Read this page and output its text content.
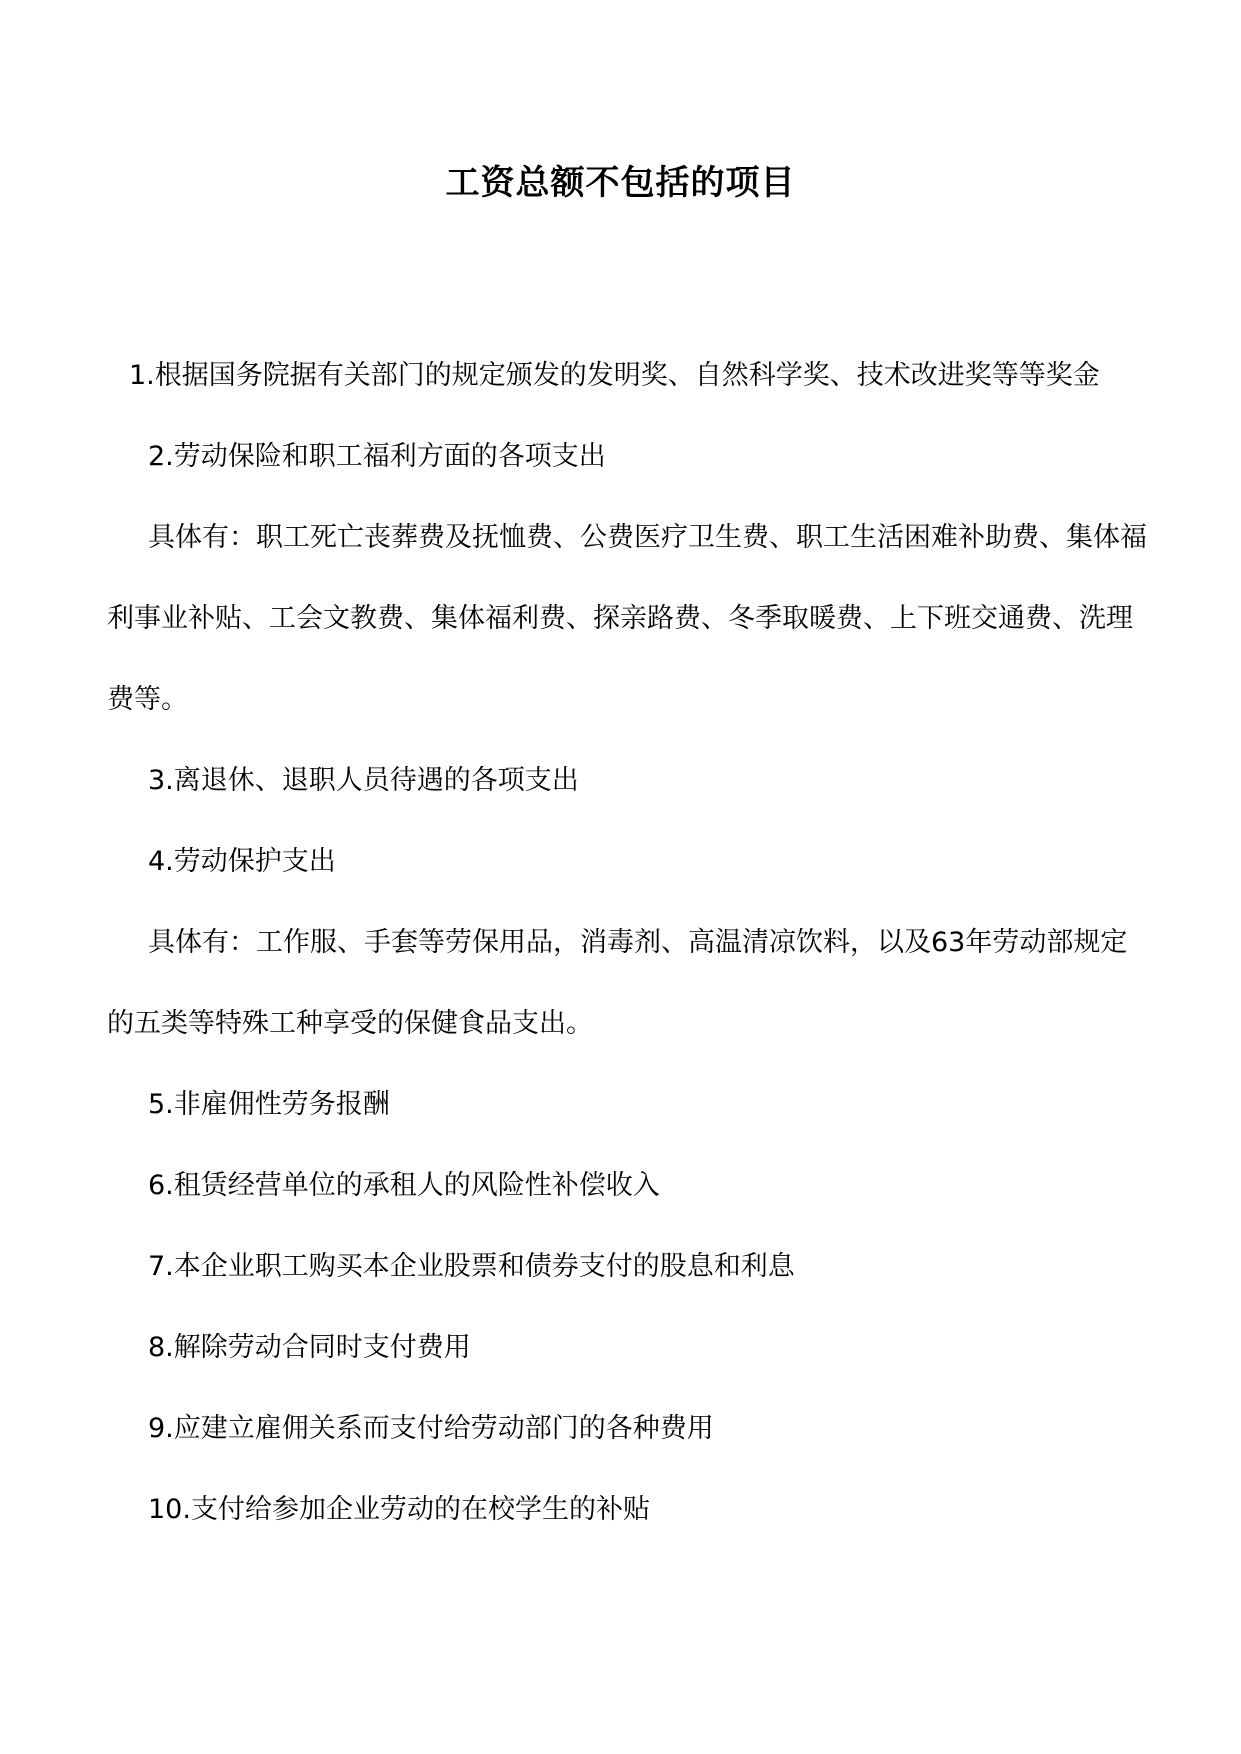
工资总额不包括的项目

1.根据国务院据有关部门的规定颁发的发明奖、自然科学奖、技术改进奖等等奖金

2.劳动保险和职工福利方面的各项支出

具体有：职工死亡丧葬费及抚恤费、公费医疗卫生费、职工生活困难补助费、集体福利事业补贴、工会文教费、集体福利费、探亲路费、冬季取暖费、上下班交通费、洗理费等。

3.离退休、退职人员待遇的各项支出

4.劳动保护支出

具体有：工作服、手套等劳保用品，消毒剂、高温清凉饮料，以及63年劳动部规定的五类等特殊工种享受的保健食品支出。

5.非雇佣性劳务报酬

6.租赁经营单位的承租人的风险性补偿收入

7.本企业职工购买本企业股票和债券支付的股息和利息

8.解除劳动合同时支付费用

9.应建立雇佣关系而支付给劳动部门的各种费用

10.支付给参加企业劳动的在校学生的补贴
